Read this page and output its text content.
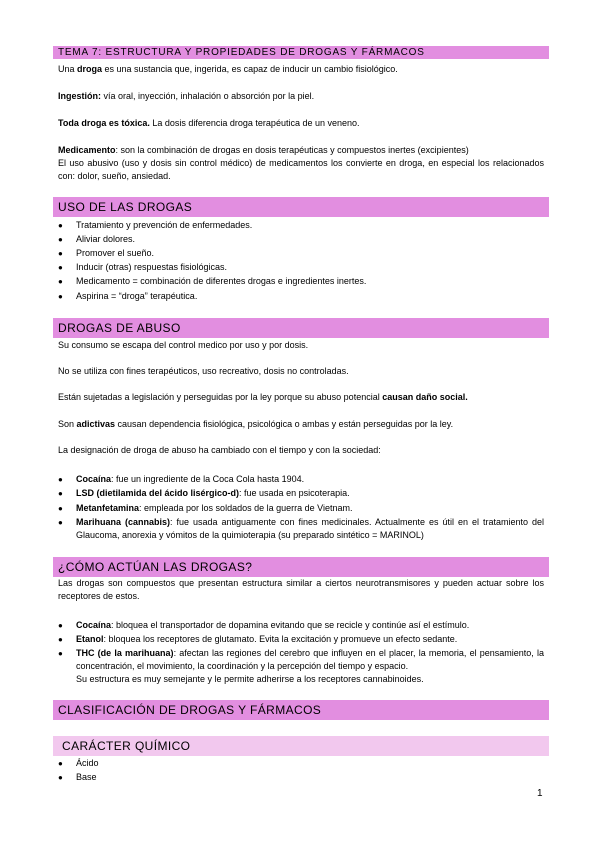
TEMA 7: ESTRUCTURA Y PROPIEDADES DE DROGAS Y FÁRMACOS
Una droga es una sustancia que, ingerida, es capaz de inducir un cambio fisiológico.
Ingestión: vía oral, inyección, inhalación o absorción por la piel.
Toda droga es tóxica. La dosis diferencia droga terapéutica de un veneno.
Medicamento: son la combinación de drogas en dosis terapéuticas y compuestos inertes (excipientes)
El uso abusivo (uso y dosis sin control médico) de medicamentos los convierte en droga, en especial los relacionados con: dolor, sueño, ansiedad.
USO DE LAS DROGAS
● Tratamiento y prevención de enfermedades.
● Aliviar dolores.
● Promover el sueño.
● Inducir (otras) respuestas fisiológicas.
● Medicamento = combinación de diferentes drogas e ingredientes inertes.
● Aspirina = “droga” terapéutica.
DROGAS DE ABUSO
Su consumo se escapa del control medico por uso y por dosis.
No se utiliza con fines terapéuticos, uso recreativo, dosis no controladas.
Están sujetadas a legislación y perseguidas por la ley porque su abuso potencial causan daño social.
Son adictivas causan dependencia fisiológica, psicológica o ambas y están perseguidas por la ley.
La designación de droga de abuso ha cambiado con el tiempo y con la sociedad:
● Cocaína: fue un ingrediente de la Coca Cola hasta 1904.
● LSD (dietilamida del ácido lisérgico-d): fue usada en psicoterapia.
● Metanfetamina: empleada por los soldados de la guerra de Vietnam.
● Marihuana (cannabis): fue usada antiguamente con fines medicinales. Actualmente es útil en el tratamiento del Glaucoma, anorexia y vómitos de la quimioterapia (su preparado sintético = MARINOL)
¿CÓMO ACTÚAN LAS DROGAS?
Las drogas son compuestos que presentan estructura similar a ciertos neurotransmisores y pueden actuar sobre los receptores de estos.
● Cocaína: bloquea el transportador de dopamina evitando que se recicle y continúe así el estímulo.
● Etanol: bloquea los receptores de glutamato. Evita la excitación y promueve un efecto sedante.
● THC (de la marihuana): afectan las regiones del cerebro que influyen en el placer, la memoria, el pensamiento, la concentración, el movimiento, la coordinación y la percepción del tiempo y espacio.
Su estructura es muy semejante y le permite adherirse a los receptores cannabinoides.
CLASIFICACIÓN DE DROGAS Y FÁRMACOS
CARÁCTER QUÍMICO
● Ácido
● Base
1
